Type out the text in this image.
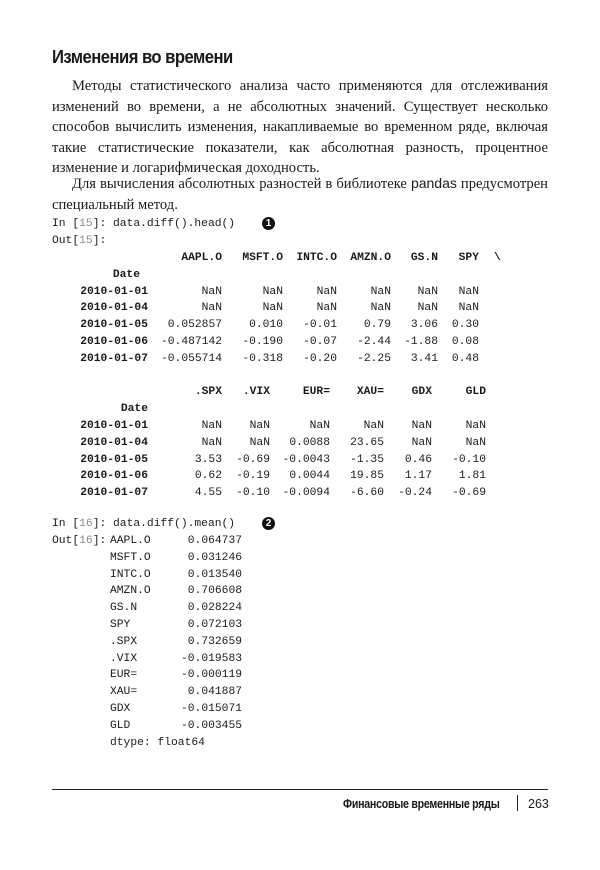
Изменения во времени

Методы статистического анализа часто применяются для отслеживания изменений во времени, а не абсолютных значений. Существует несколько способов вычислить изменения, накапливаемые во временном ряде, включая такие статистические показатели, как абсолютная разность, процентное изменение и логарифмическая доходность.

Для вычисления абсолютных разностей в библиотеке pandas предусмотрен специальный метод.

In [15]: data.diff().head()	1
Out[15]:
AAPL.O MSFT.O INTC.O AMZN.O GS.N SPY \
Date
2010-01-01	NaN	NaN	NaN	NaN NaN NaN
2010-01-04	NaN	NaN	NaN	NaN NaN NaN
2010-01-05 0.052857 0.010 -0.01 0.79 3.06 0.30
2010-01-06 -0.487142 -0.190 -0.07 -2.44 -1.88 0.08
2010-01-07 -0.055714 -0.318 -0.20 -2.25 3.41 0.48
.SPX .VIX	EUR= XAU= GDX	GLD
Date
2010-01-01	NaN NaN	NaN	NaN NaN	NaN
2010-01-04	NaN NaN 0.0088 23.65 NaN	NaN
2010-01-05	3.53 -0.69 -0.0043 -1.35 0.46 -0.10
2010-01-06	0.62 -0.19 0.0044 19.85 1.17 1.81
2010-01-07	4.55 -0.10 -0.0094 -6.60 -0.24 -0.69
In [16]: data.diff().mean()	2
Out[16]: AAPL.O	0.064737
MSFT.O	0.031246
INTC.O	0.013540
AMZN.O	0.706608
GS.N	0.028224
SPY	0.072103
.SPX	0.732659
.VIX	-0.019583
EUR=	-0.000119
XAU=	0.041887
GDX	-0.015071
GLD	-0.003455
dtype: float64
Финансовые временные ряды 263
